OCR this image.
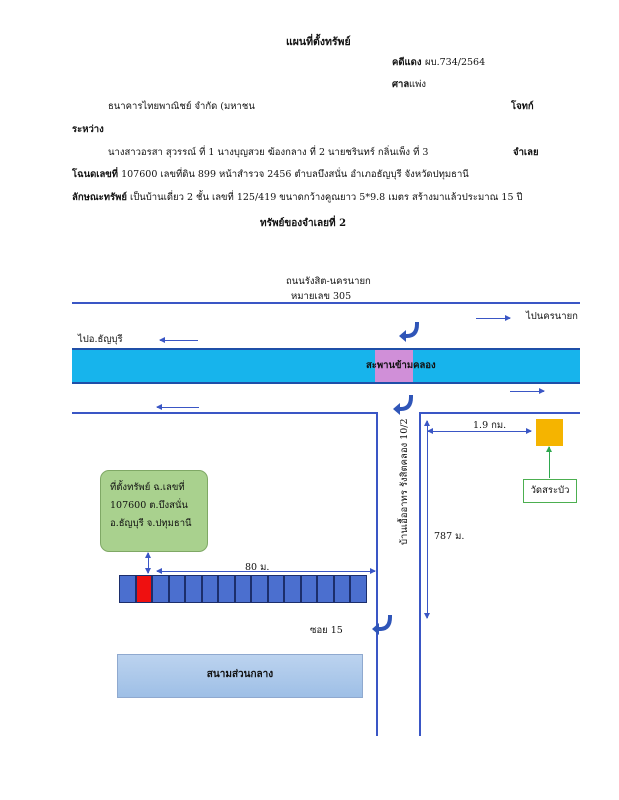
แผนที่ตั้งทรัพย์
คดีแดง ผบ.734/2564
ศาล แพ่ง
ธนาคารไทยพาณิชย์ จำกัด (มหาชน	โจทก์
ระหว่าง
นางสาวอรสา สุวรรณ์ ที่ 1 นางบุญสวย ฆ้องกลาง ที่ 2 นายชรินทร์ กลิ่นเพ็ง ที่ 3	จำเลย
โฉนดเลขที่ 107600 เลขที่ดิน 899 หน้าสำรวจ 2456 ตำบลบึงสนั่น อำเภอธัญบุรี จังหวัดปทุมธานี
ลักษณะทรัพย์ เป็นบ้านเดี่ยว 2 ชั้น เลขที่ 125/419 ขนาดกว้างคูณยาว 5*9.8 เมตร สร้างมาแล้วประมาณ 15 ปี
ทรัพย์ของจำเลยที่ 2
ถนนรังสิต-นครนายก
หมายเลข 305
ไปนครนายก
ไปอ.ธัญบุรี
สะพานข้ามคลอง
บ้านเอื้ออาทร รังสิตคลอง 10/2	1.9 กม.
787 ม.
วัดสระบัว
ที่ตั้งทรัพย์ ฉ.เลขที่
107600 ต.บึงสนั่น
อ.ธัญบุรี จ.ปทุมธานี
80 ม.
ซอย 15
สนามส่วนกลาง
